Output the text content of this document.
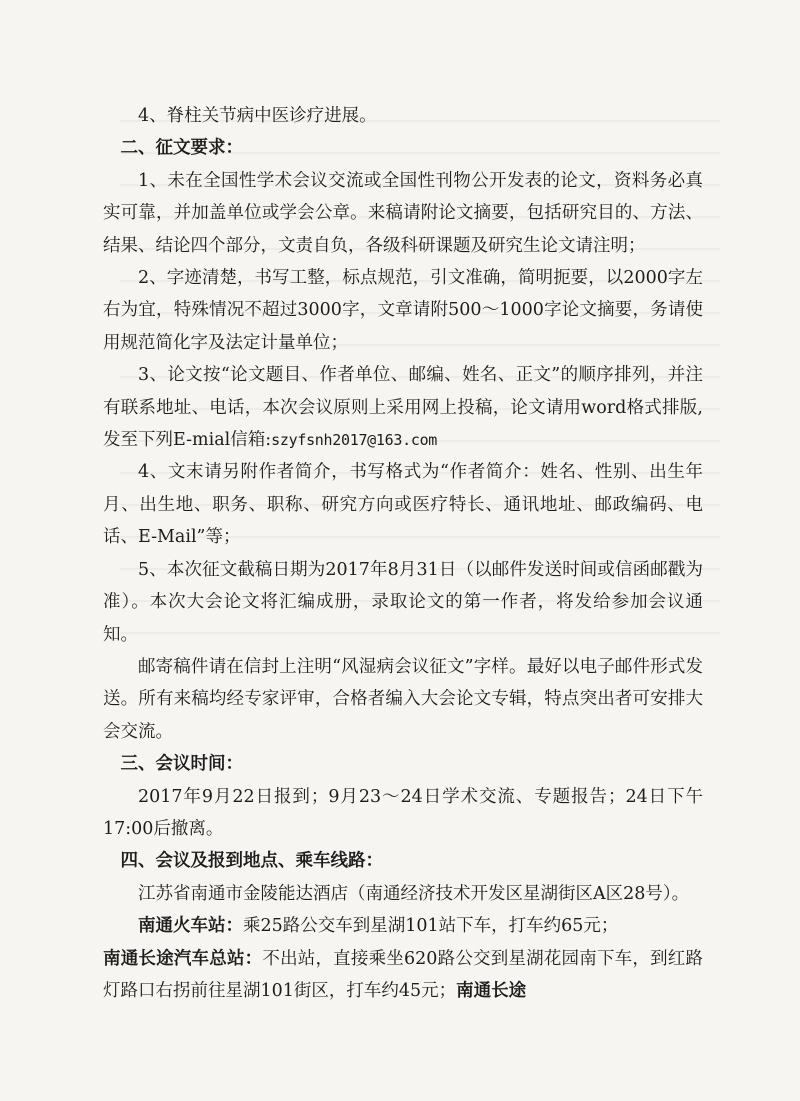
4、脊柱关节病中医诊疗进展。

二、征文要求：

1、未在全国性学术会议交流或全国性刊物公开发表的论文，资料务必真实可靠，并加盖单位或学会公章。来稿请附论文摘要，包括研究目的、方法、结果、结论四个部分，文责自负，各级科研课题及研究生论文请注明；

2、字迹清楚，书写工整，标点规范，引文准确，简明扼要，以2000字左右为宜，特殊情况不超过3000字，文章请附500～1000字论文摘要，务请使用规范简化字及法定计量单位；

3、论文按“论文题目、作者单位、邮编、姓名、正文”的顺序排列，并注有联系地址、电话，本次会议原则上采用网上投稿，论文请用word格式排版,发至下列E-mial信箱:szyfsnh2017@163.com

4、文末请另附作者简介，书写格式为“作者简介：姓名、性别、出生年月、出生地、职务、职称、研究方向或医疗特长、通讯地址、邮政编码、电话、E-Mail”等；

5、本次征文截稿日期为2017年8月31日（以邮件发送时间或信函邮戳为准）。本次大会论文将汇编成册，录取论文的第一作者，将发给参加会议通知。

邮寄稿件请在信封上注明“风湿病会议征文”字样。最好以电子邮件形式发送。所有来稿均经专家评审，合格者编入大会论文专辑，特点突出者可安排大会交流。

三、会议时间：

2017年9月22日报到；9月23～24日学术交流、专题报告；24日下午17:00后撤离。

四、会议及报到地点、乘车线路：

江苏省南通市金陵能达酒店（南通经济技术开发区星湖街区A区28号）。

南通火车站：乘25路公交车到星湖101站下车，打车约65元；

南通长途汽车总站：不出站，直接乘坐620路公交到星湖花园南下车，到红路灯路口右拐前往星湖101街区，打车约45元；南通长途
